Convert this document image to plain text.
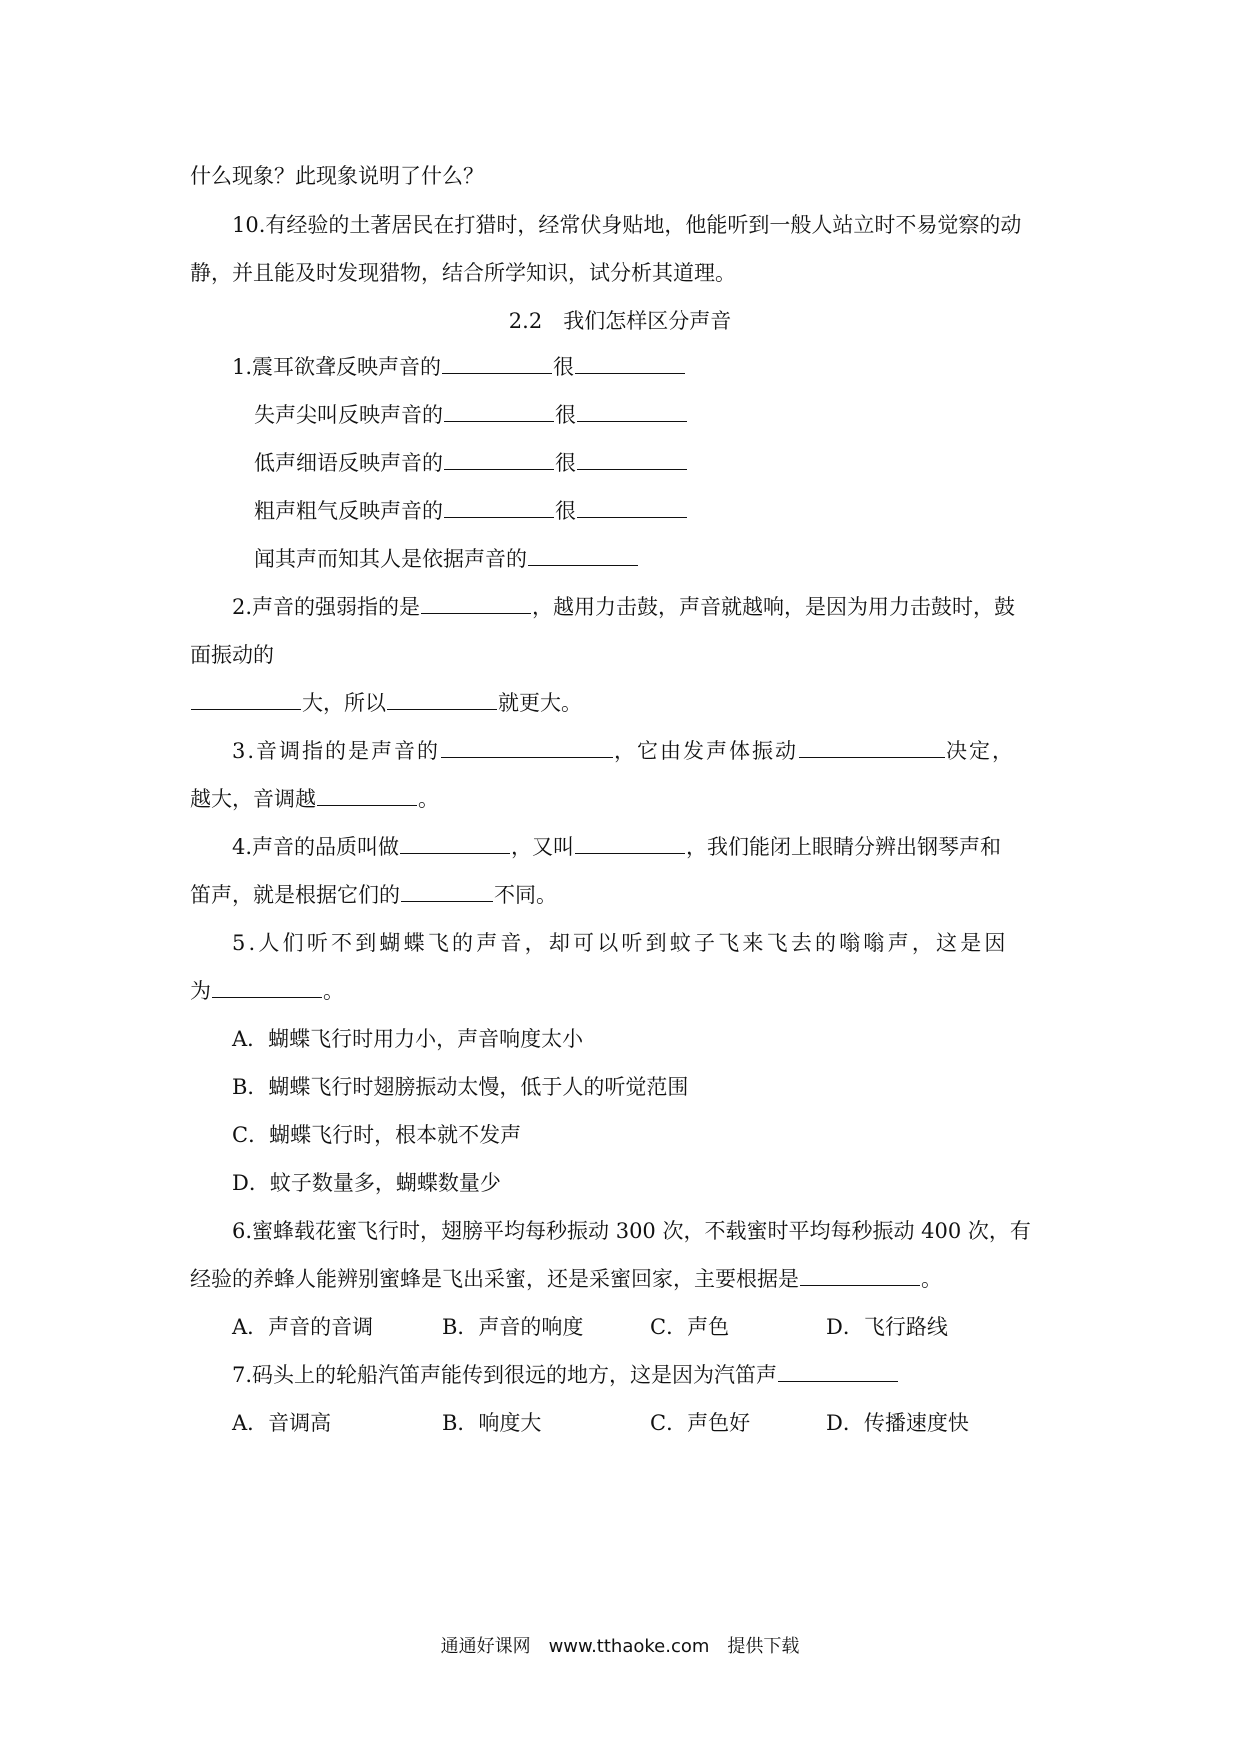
什么现象？此现象说明了什么？
10.有经验的土著居民在打猎时，经常伏身贴地，他能听到一般人站立时不易觉察的动
静，并且能及时发现猎物，结合所学知识，试分析其道理。
2.2　我们怎样区分声音
1.震耳欲聋反映声音的	很
失声尖叫反映声音的	很
低声细语反映声音的	很
粗声粗气反映声音的	很
闻其声而知其人是依据声音的
2.声音的强弱指的是	，越用力击鼓，声音就越响，是因为用力击鼓时，鼓
面振动的
大，所以	就更大。
3.音调指的是声音的	，它由发声体振动	决定，
越大，音调越	。
4.声音的品质叫做	，又叫	，我们能闭上眼睛分辨出钢琴声和
笛声，就是根据它们的	不同。
5.人们听不到蝴蝶飞的声音，却可以听到蚊子飞来飞去的嗡嗡声，这是因
为	。
A．蝴蝶飞行时用力小，声音响度太小
B．蝴蝶飞行时翅膀振动太慢，低于人的听觉范围
C．蝴蝶飞行时，根本就不发声
D．蚊子数量多，蝴蝶数量少
6.蜜蜂载花蜜飞行时，翅膀平均每秒振动 300 次，不载蜜时平均每秒振动 400 次，有
经验的养蜂人能辨别蜜蜂是飞出采蜜，还是采蜜回家，主要根据是	。
A．声音的音调	B．声音的响度	C．声色	D．飞行路线
7.码头上的轮船汽笛声能传到很远的地方，这是因为汽笛声
A．音调高	B．响度大	C．声色好	D．传播速度快
通通好课网　www.tthaoke.com　提供下载
